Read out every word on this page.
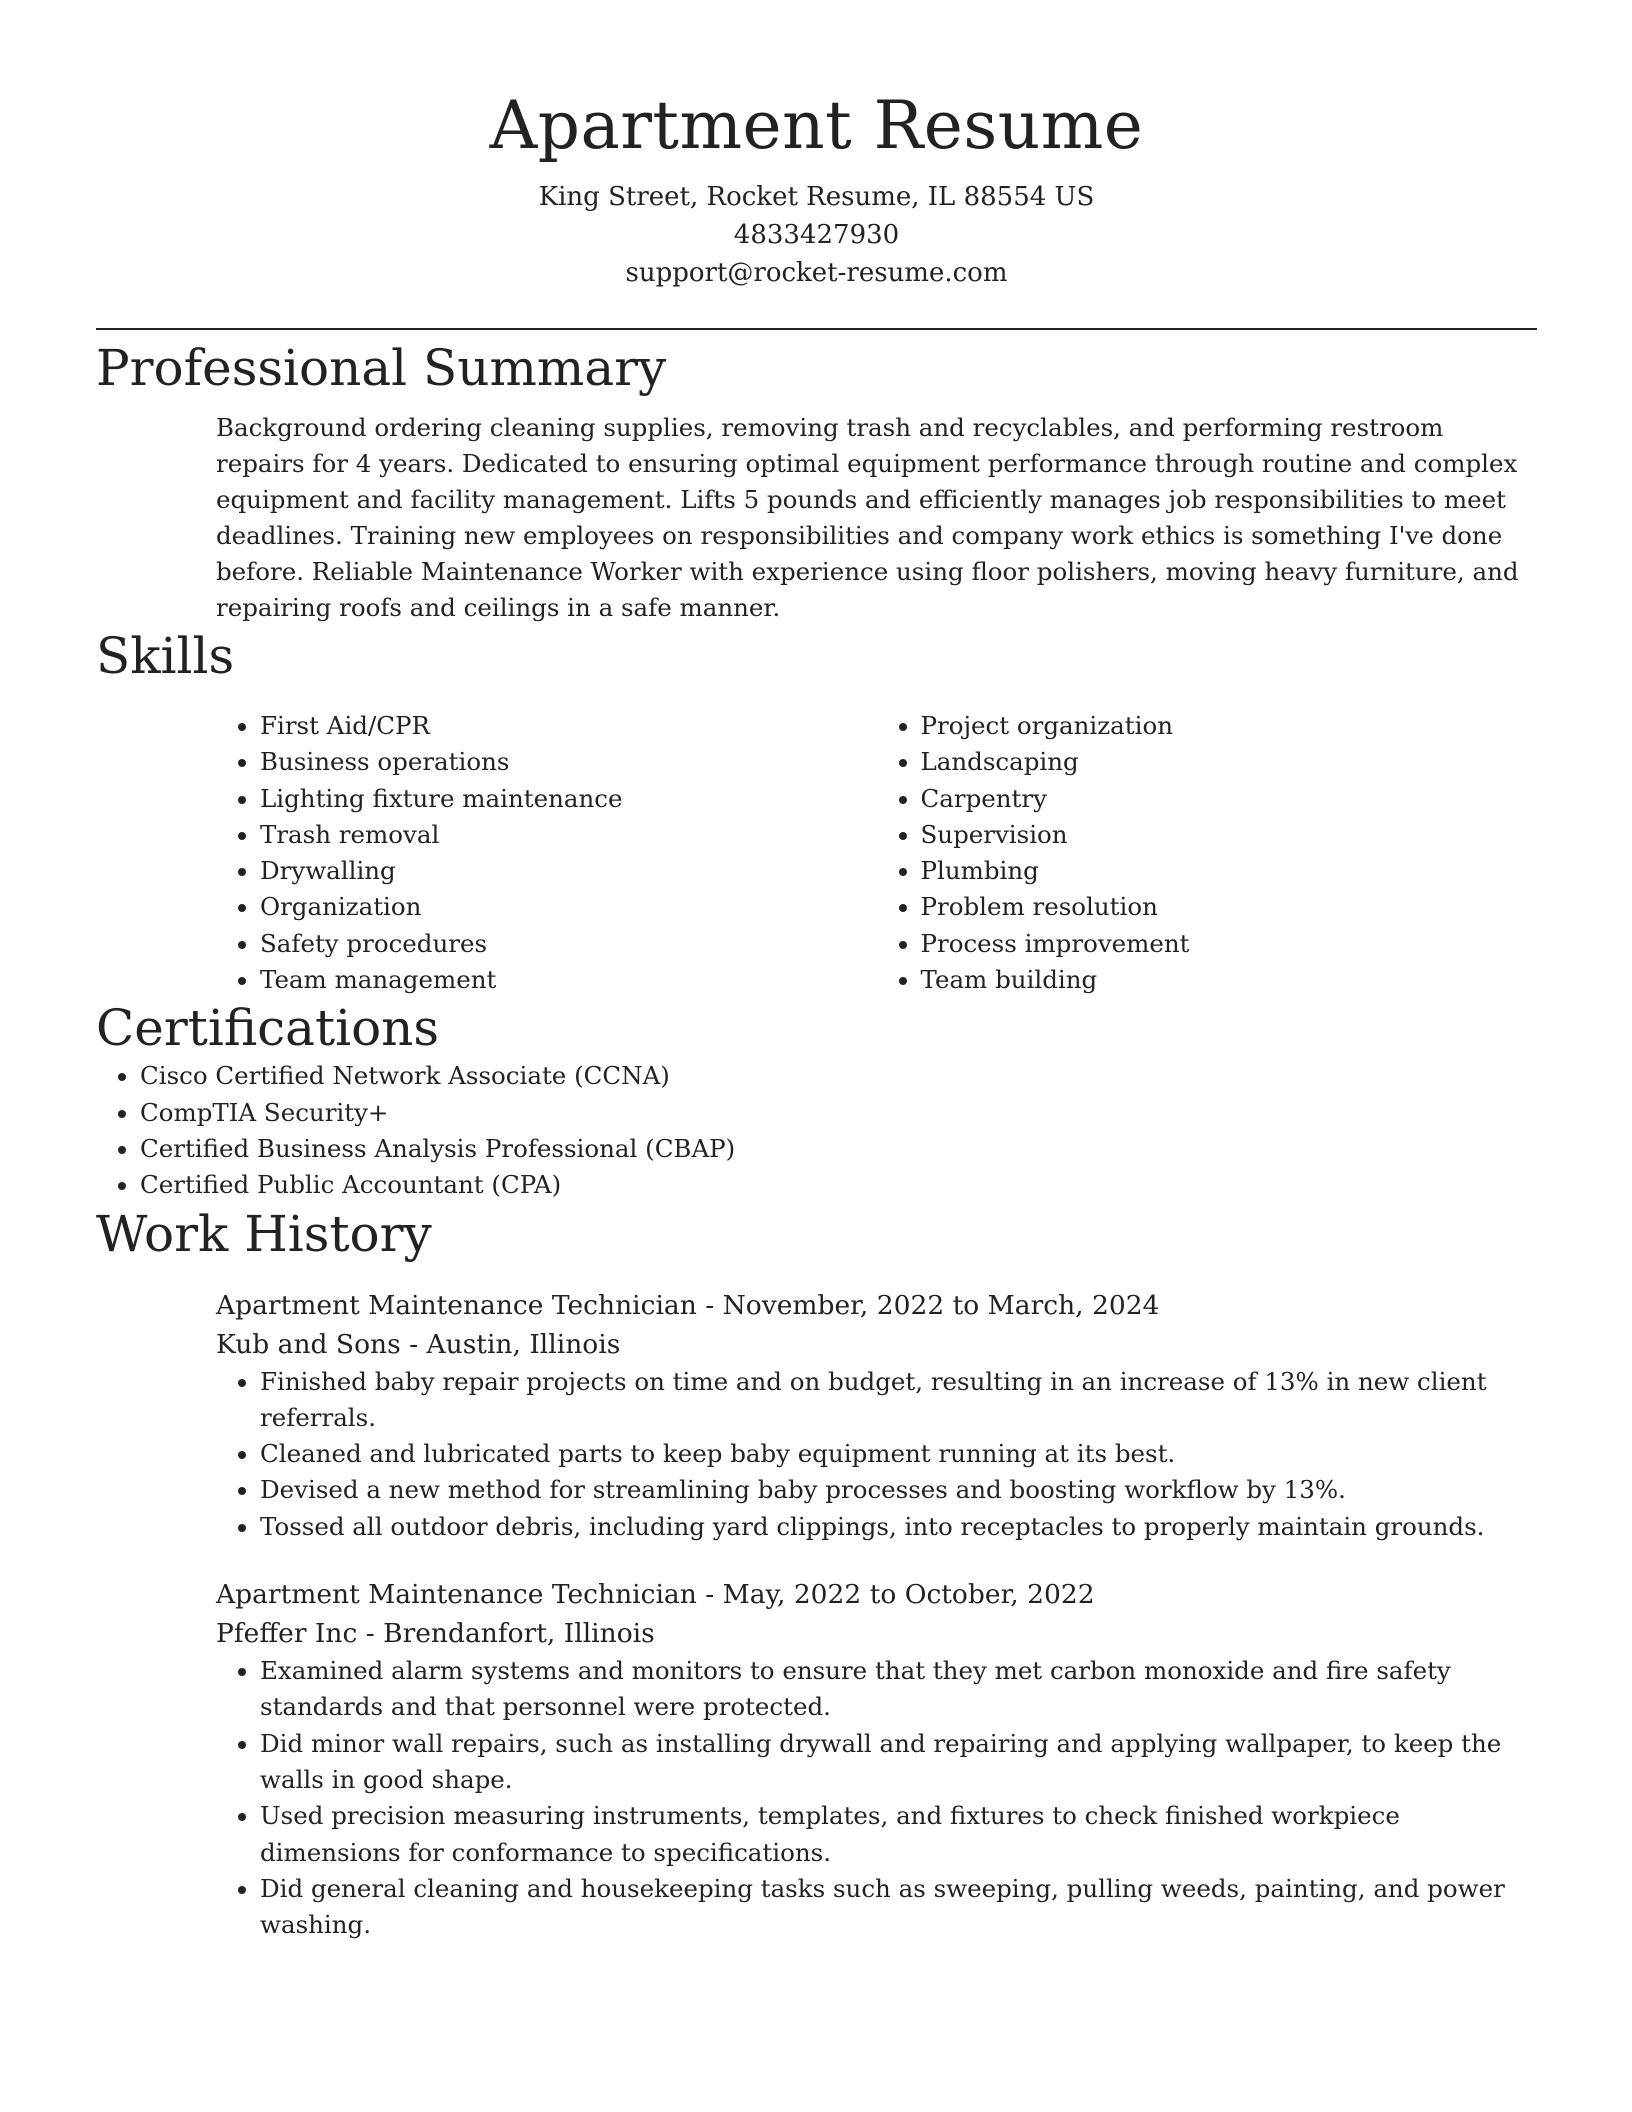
Apartment Resume
King Street, Rocket Resume, IL 88554 US
4833427930
support@rocket-resume.com
Professional Summary
Background ordering cleaning supplies, removing trash and recyclables, and performing restroom repairs for 4 years. Dedicated to ensuring optimal equipment performance through routine and complex equipment and facility management. Lifts 5 pounds and efficiently manages job responsibilities to meet deadlines. Training new employees on responsibilities and company work ethics is something I've done before. Reliable Maintenance Worker with experience using floor polishers, moving heavy furniture, and repairing roofs and ceilings in a safe manner.
Skills
• First Aid/CPR
• Business operations
• Lighting fixture maintenance
• Trash removal
• Drywalling
• Organization
• Safety procedures
• Team management
• Project organization
• Landscaping
• Carpentry
• Supervision
• Plumbing
• Problem resolution
• Process improvement
• Team building
Certifications
• Cisco Certified Network Associate (CCNA)
• CompTIA Security+
• Certified Business Analysis Professional (CBAP)
• Certified Public Accountant (CPA)
Work History
Apartment Maintenance Technician - November, 2022 to March, 2024
Kub and Sons - Austin, Illinois
• Finished baby repair projects on time and on budget, resulting in an increase of 13% in new client referrals.
• Cleaned and lubricated parts to keep baby equipment running at its best.
• Devised a new method for streamlining baby processes and boosting workflow by 13%.
• Tossed all outdoor debris, including yard clippings, into receptacles to properly maintain grounds.
Apartment Maintenance Technician - May, 2022 to October, 2022
Pfeffer Inc - Brendanfort, Illinois
• Examined alarm systems and monitors to ensure that they met carbon monoxide and fire safety standards and that personnel were protected.
• Did minor wall repairs, such as installing drywall and repairing and applying wallpaper, to keep the walls in good shape.
• Used precision measuring instruments, templates, and fixtures to check finished workpiece dimensions for conformance to specifications.
• Did general cleaning and housekeeping tasks such as sweeping, pulling weeds, painting, and power washing.
